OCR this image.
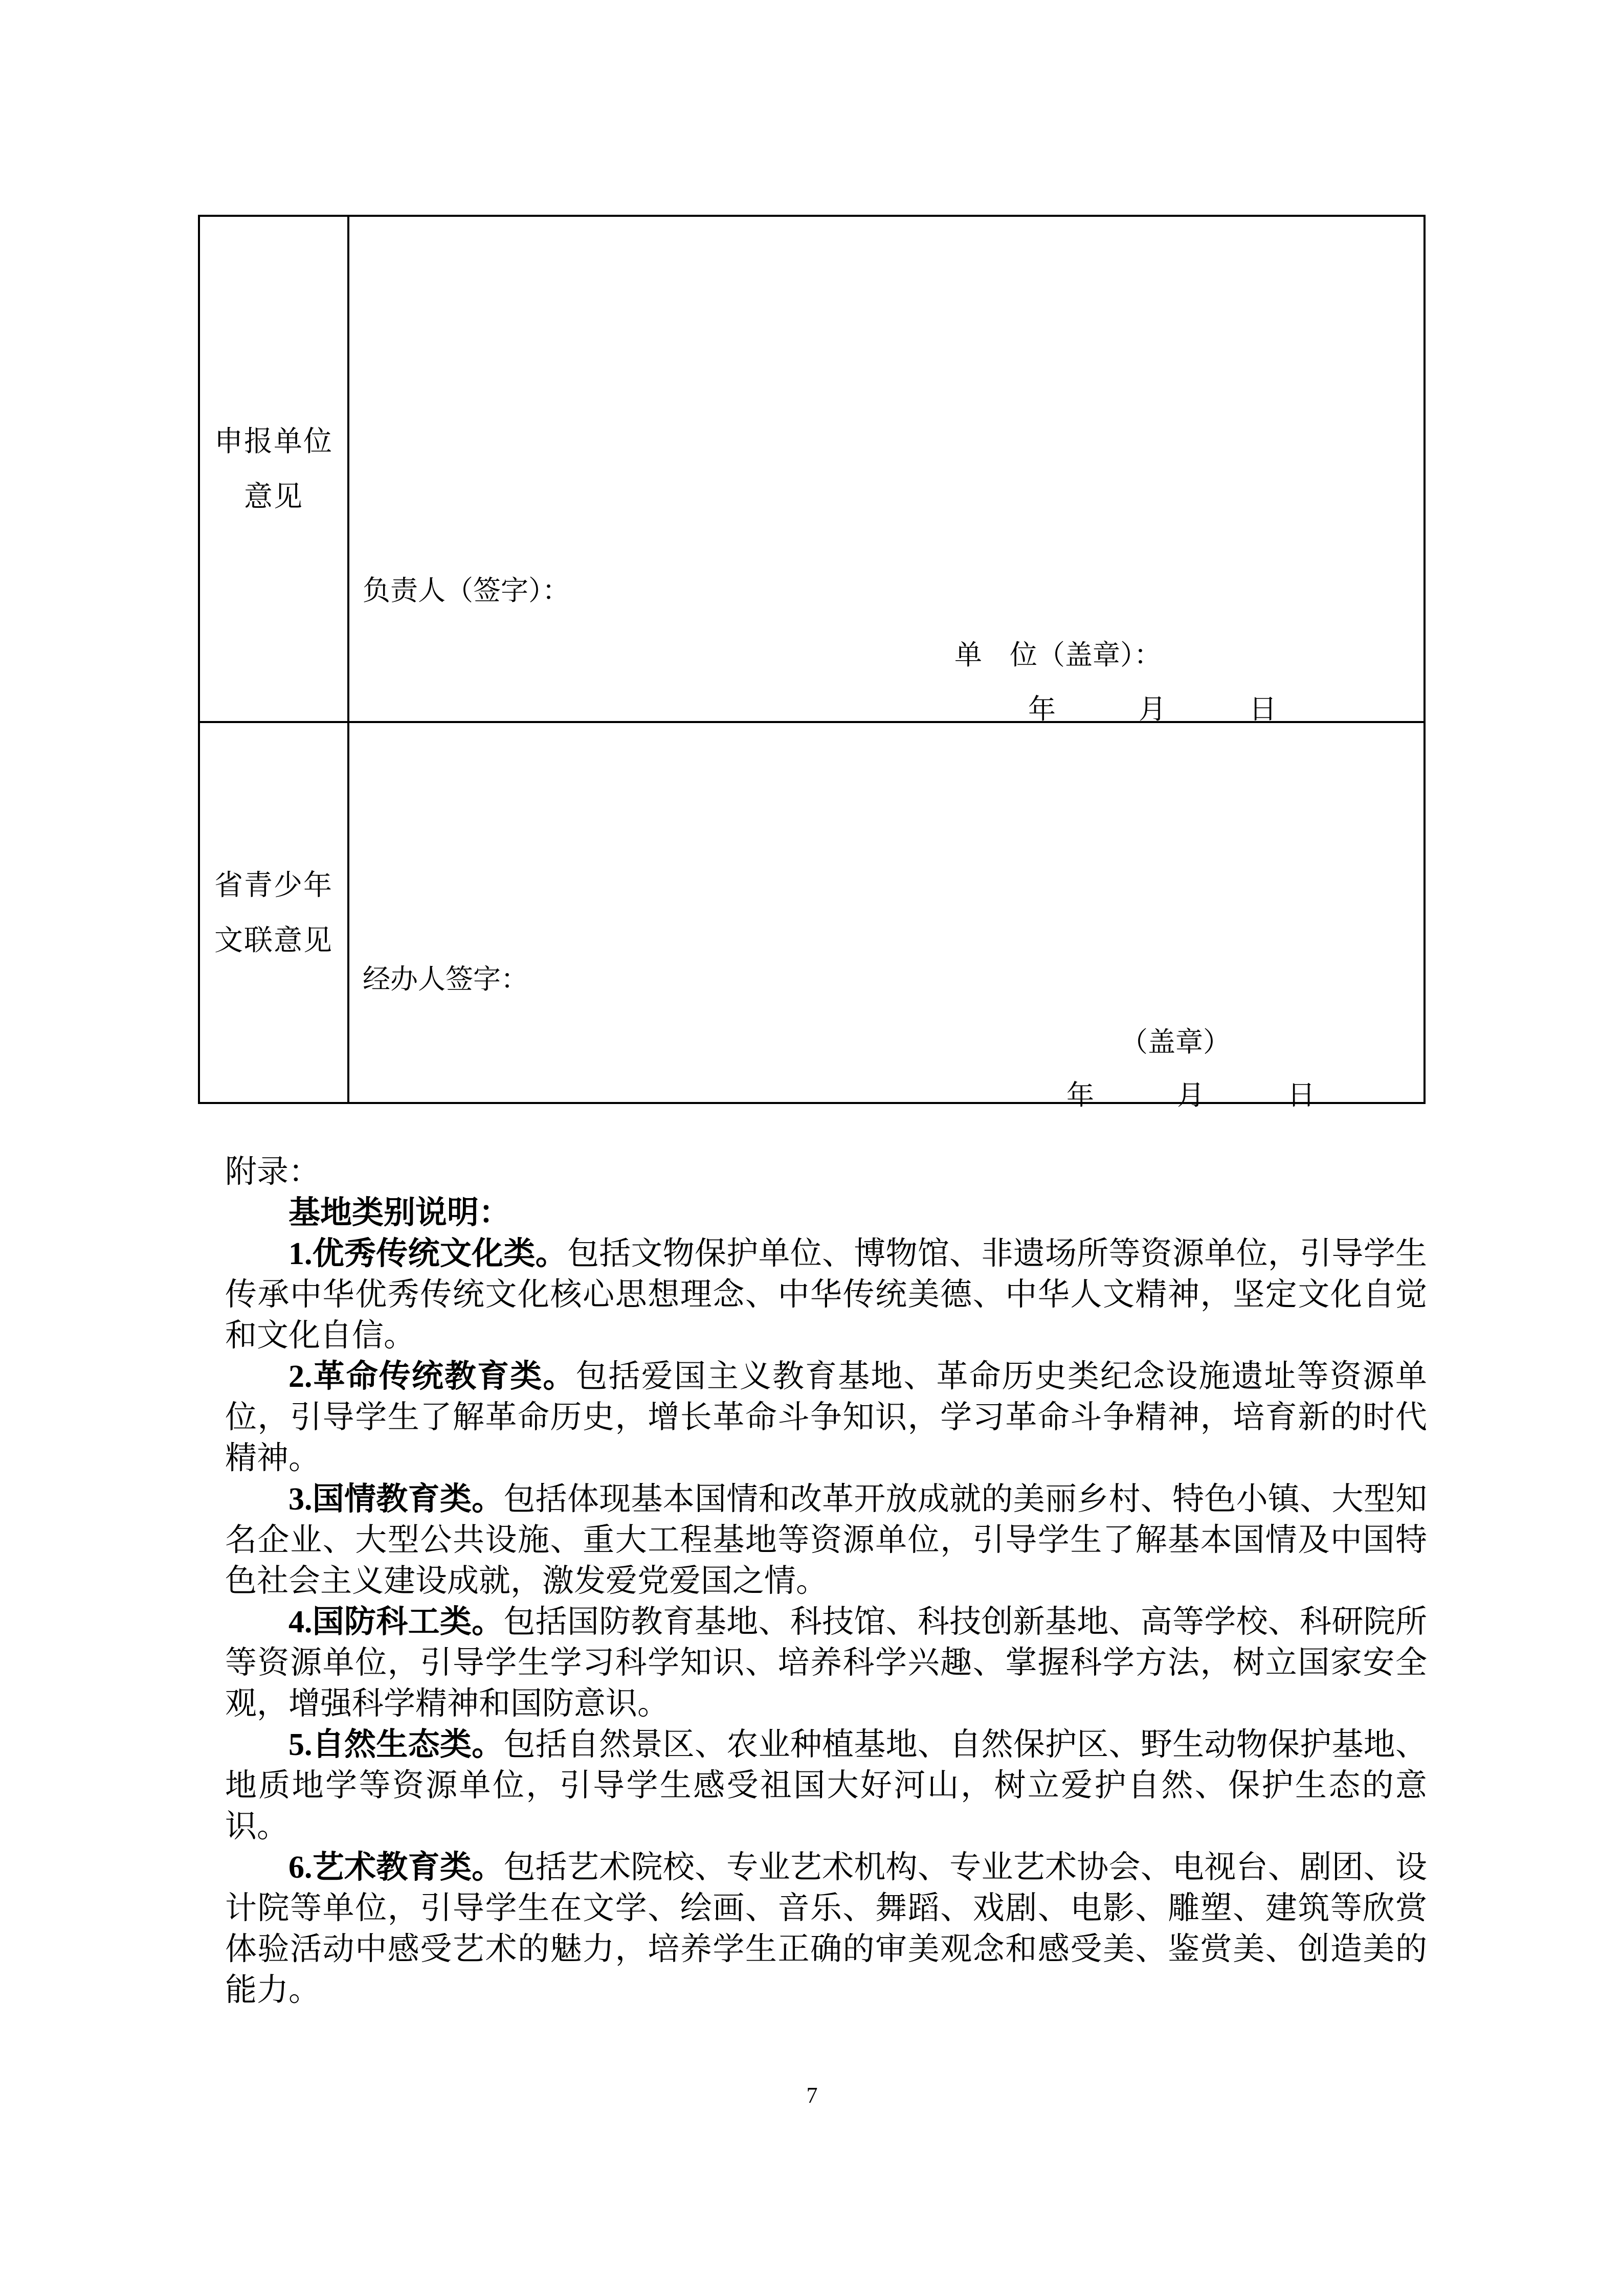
申报单位
意见
负责人（签字）：
单　位（盖章）：
年　　　月　　　日
省青少年
文联意见
经办人签字：
（盖章）
年　　　月　　　日

附录：

基地类别说明：

1.优秀传统文化类。包括文物保护单位、博物馆、非遗场所等资源单位，引导学生传承中华优秀传统文化核心思想理念、中华传统美德、中华人文精神，坚定文化自觉和文化自信。

2.革命传统教育类。包括爱国主义教育基地、革命历史类纪念设施遗址等资源单位，引导学生了解革命历史，增长革命斗争知识，学习革命斗争精神，培育新的时代精神。

3.国情教育类。包括体现基本国情和改革开放成就的美丽乡村、特色小镇、大型知名企业、大型公共设施、重大工程基地等资源单位，引导学生了解基本国情及中国特色社会主义建设成就，激发爱党爱国之情。

4.国防科工类。包括国防教育基地、科技馆、科技创新基地、高等学校、科研院所等资源单位，引导学生学习科学知识、培养科学兴趣、掌握科学方法，树立国家安全观，增强科学精神和国防意识。

5.自然生态类。包括自然景区、农业种植基地、自然保护区、野生动物保护基地、地质地学等资源单位，引导学生感受祖国大好河山，树立爱护自然、保护生态的意识。

6.艺术教育类。包括艺术院校、专业艺术机构、专业艺术协会、电视台、剧团、设计院等单位，引导学生在文学、绘画、音乐、舞蹈、戏剧、电影、雕塑、建筑等欣赏体验活动中感受艺术的魅力，培养学生正确的审美观念和感受美、鉴赏美、创造美的能力。

7
